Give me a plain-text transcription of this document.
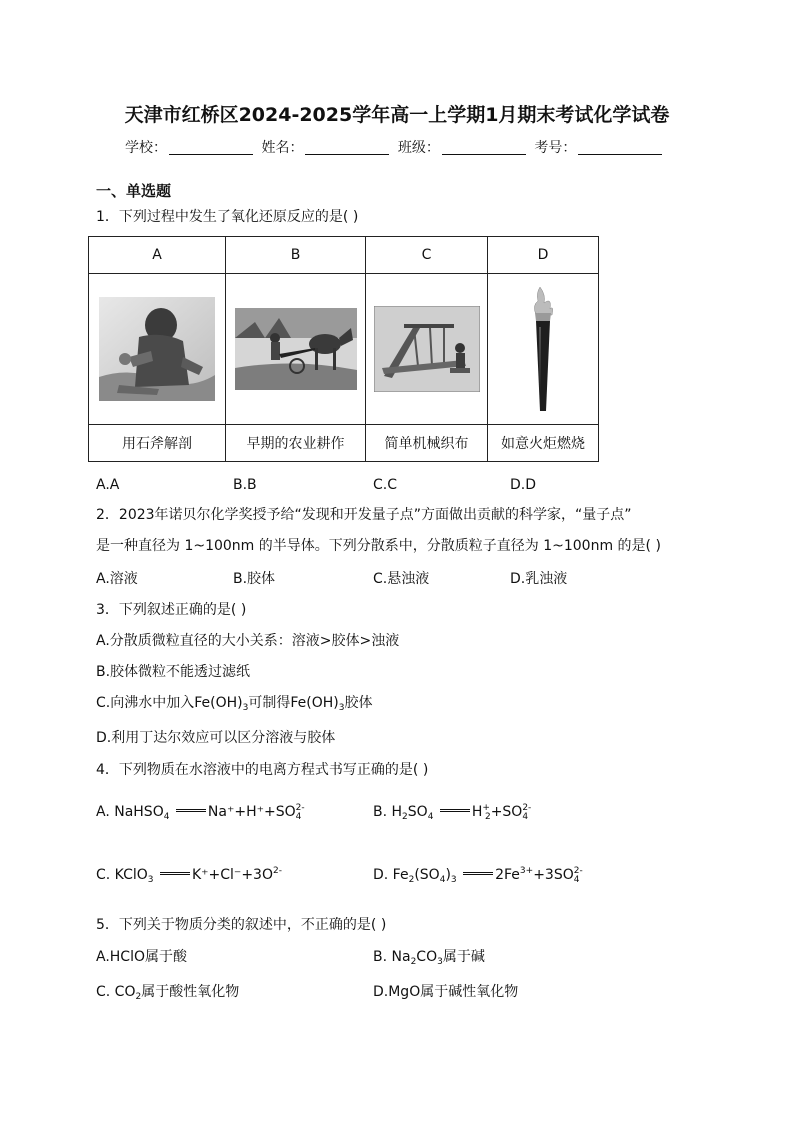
天津市红桥区2024-2025学年高一上学期1月期末考试化学试卷
学校：	姓名：	班级：	考号：
一、单选题
1．下列过程中发生了氧化还原反应的是( )
A	B	C	D

用石斧解剖	早期的农业耕作	简单机械织布	如意火炬燃烧
A.A	B.B	C.C	D.D
2．2023年诺贝尔化学奖授予给“发现和开发量子点”方面做出贡献的科学家，“量子点”
是一种直径为 1~100nm 的半导体。下列分散系中，分散质粒子直径为 1~100nm 的是( )
A.溶液	B.胶体	C.悬浊液	D.乳浊液
3．下列叙述正确的是( )
A.分散质微粒直径的大小关系：溶液>胶体>浊液
B.胶体微粒不能透过滤纸
C.向沸水中加入$Fe(OH)_3$可制得$Fe(OH)_3$胶体
D.利用丁达尔效应可以区分溶液与胶体
4．下列物质在水溶液中的电离方程式书写正确的是( )
A. NaHSO$_4$	$Na^++H^++SO^{2-}_4$	B. $H_2SO_4$	$H^+_2+SO^{2-}_4$
C. KClO$_3$	$K^++Cl^-+3O^{2-}$	D. $Fe_2(SO_4)_3$	$2Fe^{3+}+3SO^{2-}_4$
5．下列关于物质分类的叙述中，不正确的是( )
A.HClO属于酸	B. $Na_2CO_3$属于碱
C. $CO_2$属于酸性氧化物	D.MgO属于碱性氧化物
